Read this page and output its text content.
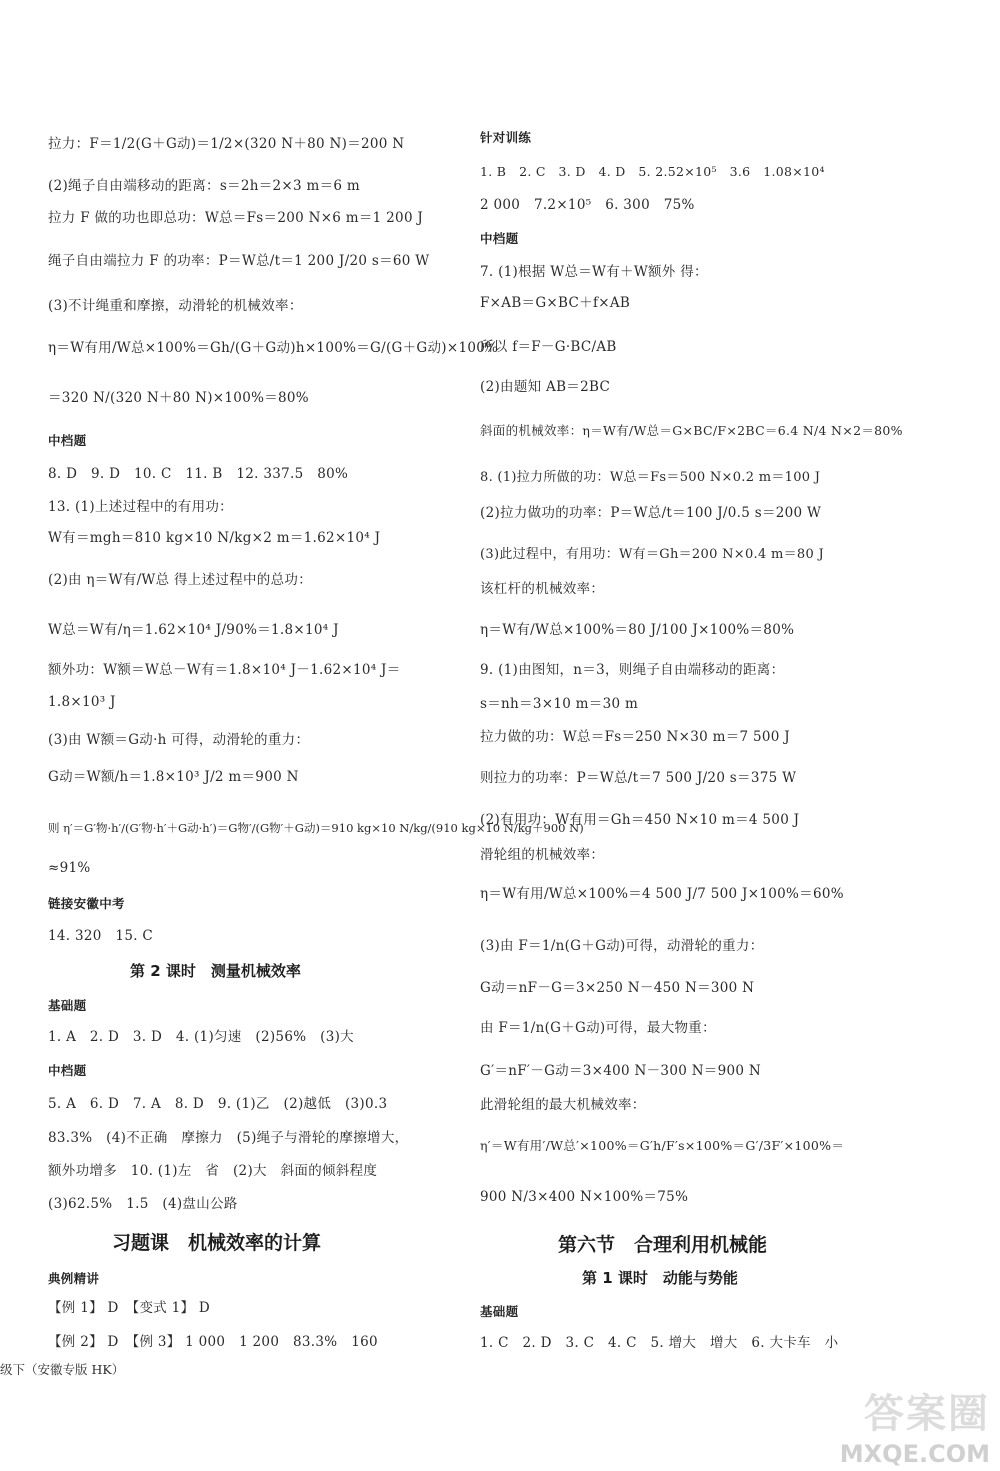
拉力：F＝1/2(G＋G动)＝1/2×(320 N＋80 N)＝200 N
(2)绳子自由端移动的距离：s＝2h＝2×3 m＝6 m
拉力 F 做的功也即总功：W总＝Fs＝200 N×6 m＝1 200 J
绳子自由端拉力 F 的功率：P＝W总/t＝1 200 J/20 s＝60 W
(3)不计绳重和摩擦，动滑轮的机械效率：
η＝W有用/W总×100%＝Gh/(G＋G动)h×100%＝G/(G＋G动)×100%
＝320 N/(320 N＋80 N)×100%＝80%
中档题
8. D　9. D　10. C　11. B　12. 337.5　80%
13. (1)上述过程中的有用功：
W有＝mgh＝810 kg×10 N/kg×2 m＝1.62×10⁴ J
(2)由 η＝W有/W总 得上述过程中的总功：
W总＝W有/η＝1.62×10⁴ J/90%＝1.8×10⁴ J
额外功：W额＝W总－W有＝1.8×10⁴ J－1.62×10⁴ J＝
1.8×10³ J
(3)由 W额＝G动·h 可得，动滑轮的重力：
G动＝W额/h＝1.8×10³ J/2 m＝900 N
则 η′＝G′物·h′/(G′物·h′＋G动·h′)＝G物′/(G物′＋G动)＝910 kg×10 N/kg/(910 kg×10 N/kg＋900 N)
≈91%
链接安徽中考
14. 320　15. C
第 2 课时　测量机械效率
基础题
1. A　2. D　3. D　4. (1)匀速　(2)56%　(3)大
中档题
5. A　6. D　7. A　8. D　9. (1)乙　(2)越低　(3)0.3
83.3%　(4)不正确　摩擦力　(5)绳子与滑轮的摩擦增大，
额外功增多　10. (1)左　省　(2)大　斜面的倾斜程度
(3)62.5%　1.5　(4)盘山公路
习题课　机械效率的计算
典例精讲
【例 1】 D　【变式 1】 D
【例 2】 D　【例 3】 1 000　1 200　83.3%　160
级下（安徽专版 HK）
针对训练
1. B　2. C　3. D　4. D　5. 2.52×10⁵　3.6　1.08×10⁴
2 000　7.2×10⁵　6. 300　75%
中档题
7. (1)根据 W总＝W有＋W额外 得：
F×AB＝G×BC＋f×AB
所以 f＝F－G·BC/AB
(2)由题知 AB＝2BC
斜面的机械效率：η＝W有/W总＝G×BC/F×2BC＝6.4 N/4 N×2＝80%
8. (1)拉力所做的功：W总＝Fs＝500 N×0.2 m＝100 J
(2)拉力做功的功率：P＝W总/t＝100 J/0.5 s＝200 W
(3)此过程中，有用功：W有＝Gh＝200 N×0.4 m＝80 J
该杠杆的机械效率：
η＝W有/W总×100%＝80 J/100 J×100%＝80%
9. (1)由图知，n＝3，则绳子自由端移动的距离：
s＝nh＝3×10 m＝30 m
拉力做的功：W总＝Fs＝250 N×30 m＝7 500 J
则拉力的功率：P＝W总/t＝7 500 J/20 s＝375 W
(2)有用功：W有用＝Gh＝450 N×10 m＝4 500 J
滑轮组的机械效率：
η＝W有用/W总×100%＝4 500 J/7 500 J×100%＝60%
(3)由 F＝1/n(G＋G动)可得，动滑轮的重力：
G动＝nF－G＝3×250 N－450 N＝300 N
由 F＝1/n(G＋G动)可得，最大物重：
G′＝nF′－G动＝3×400 N－300 N＝900 N
此滑轮组的最大机械效率：
η′＝W有用′/W总′×100%＝G′h/F′s×100%＝G′/3F′×100%＝
900 N/3×400 N×100%＝75%
第六节　合理利用机械能
第 1 课时　动能与势能
基础题
1. C　2. D　3. C　4. C　5. 增大　增大　6. 大卡车　小
答案圈
MXQE.COM
